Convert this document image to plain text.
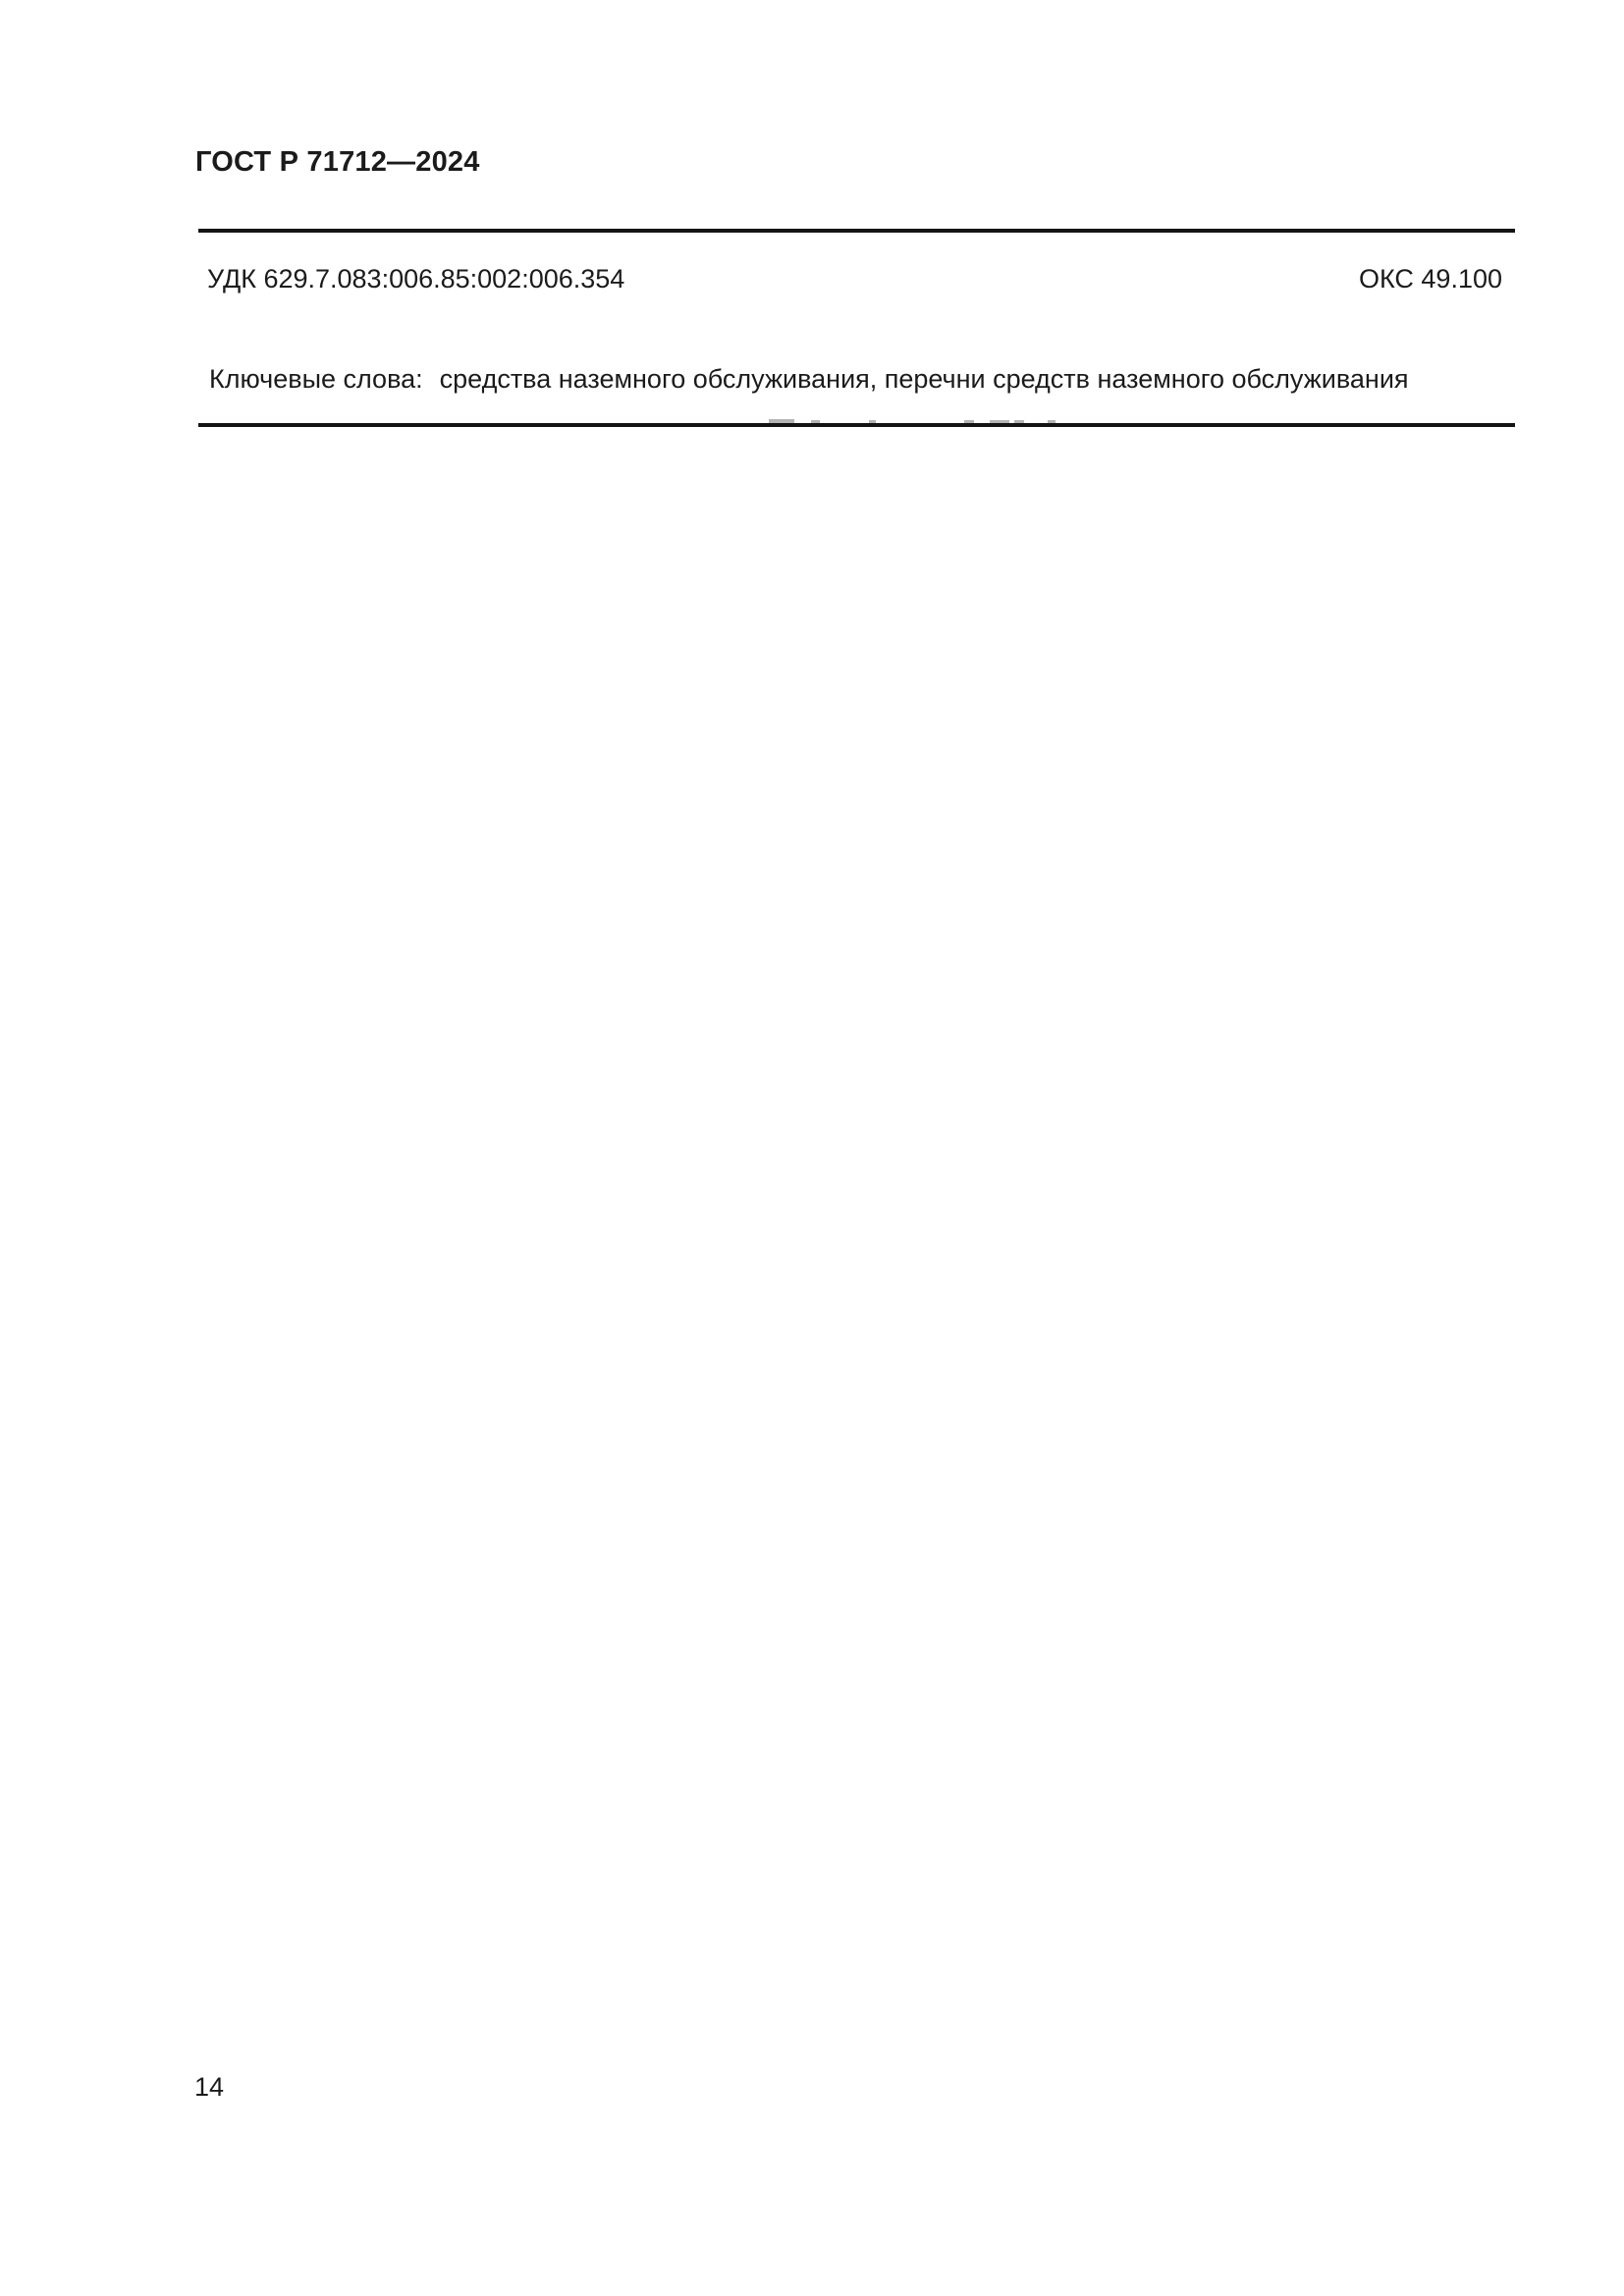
ГОСТ Р 71712—2024
УДК 629.7.083:006.85:002:006.354	ОКС 49.100
Ключевые слова: средства наземного обслуживания, перечни средств наземного обслуживания
14
